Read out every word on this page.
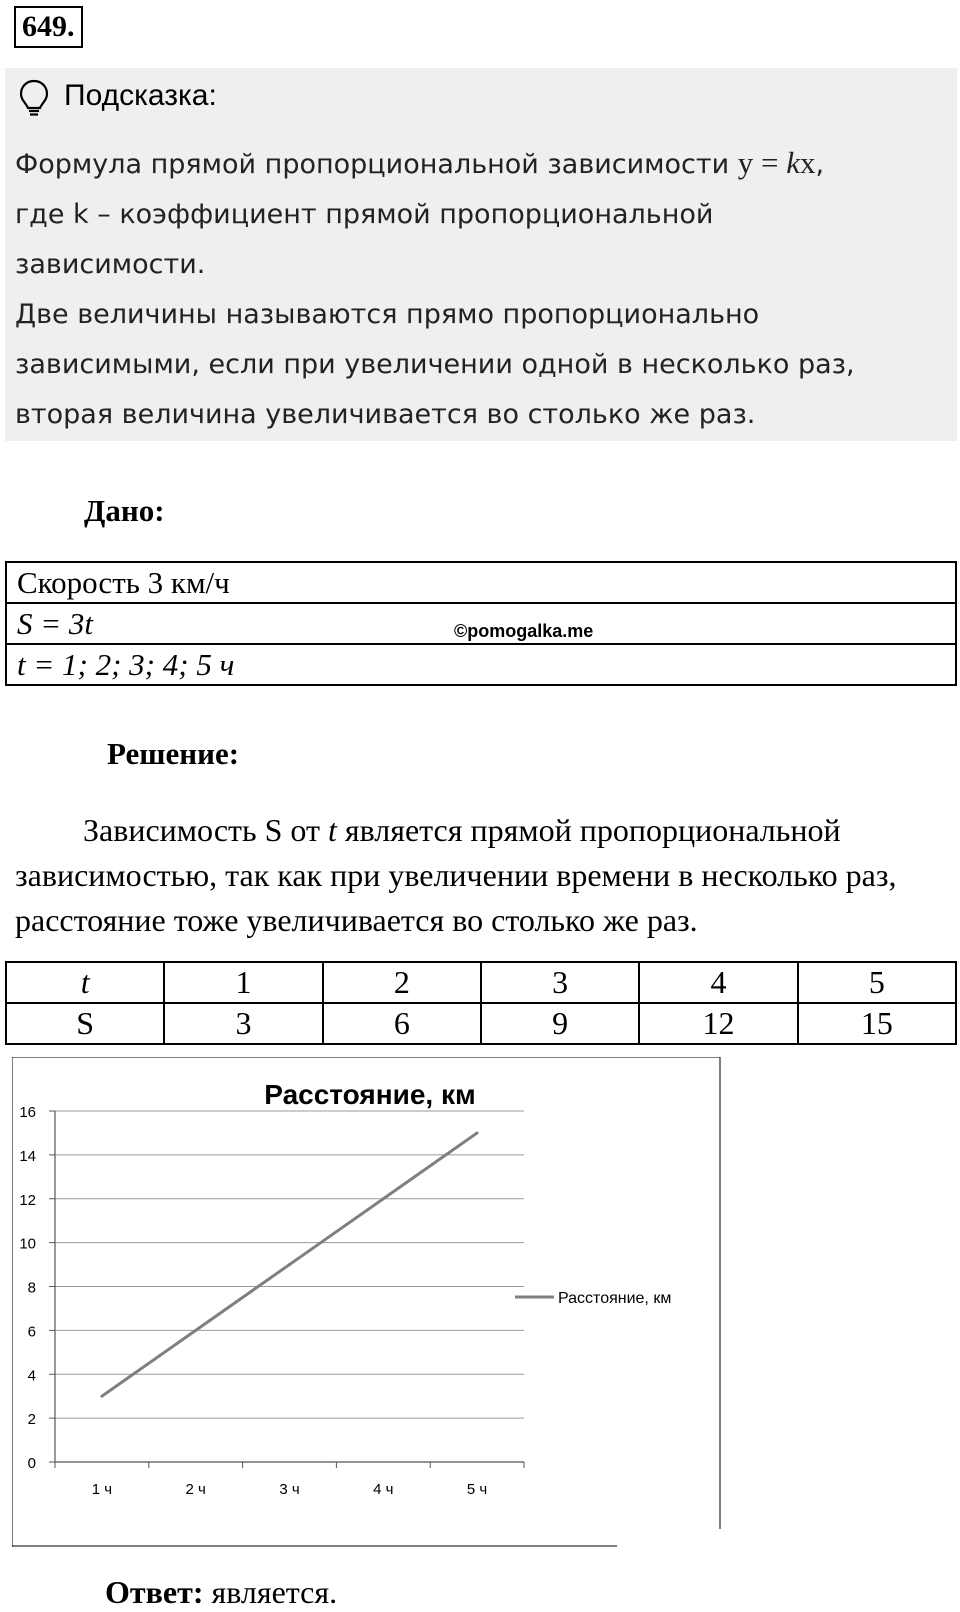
649.
Подсказка:

Формула прямой пропорциональной зависимости y = kx,

где k – коэффициент прямой пропорциональной

зависимости.

Две величины называются прямо пропорционально

зависимыми, если при увеличении одной в несколько раз,

вторая величина увеличивается во столько же раз.

Дано:
Скорость 3 км/ч
S = 3t
t = 1; 2; 3; 4; 5 ч
©pomogalka.me
Решение:
Зависимость S от t является прямой пропорциональной зависимостью, так как при увеличении времени в несколько раз, расстояние тоже увеличивается во столько же раз.
t	1	2	3	4	5
S	3	6	9	12	15
Расстояние, км
0
2
4
6
8
10
12
14
16
1 ч	2 ч	3 ч	4 ч	5 ч
Расстояние, км
Ответ: является.
